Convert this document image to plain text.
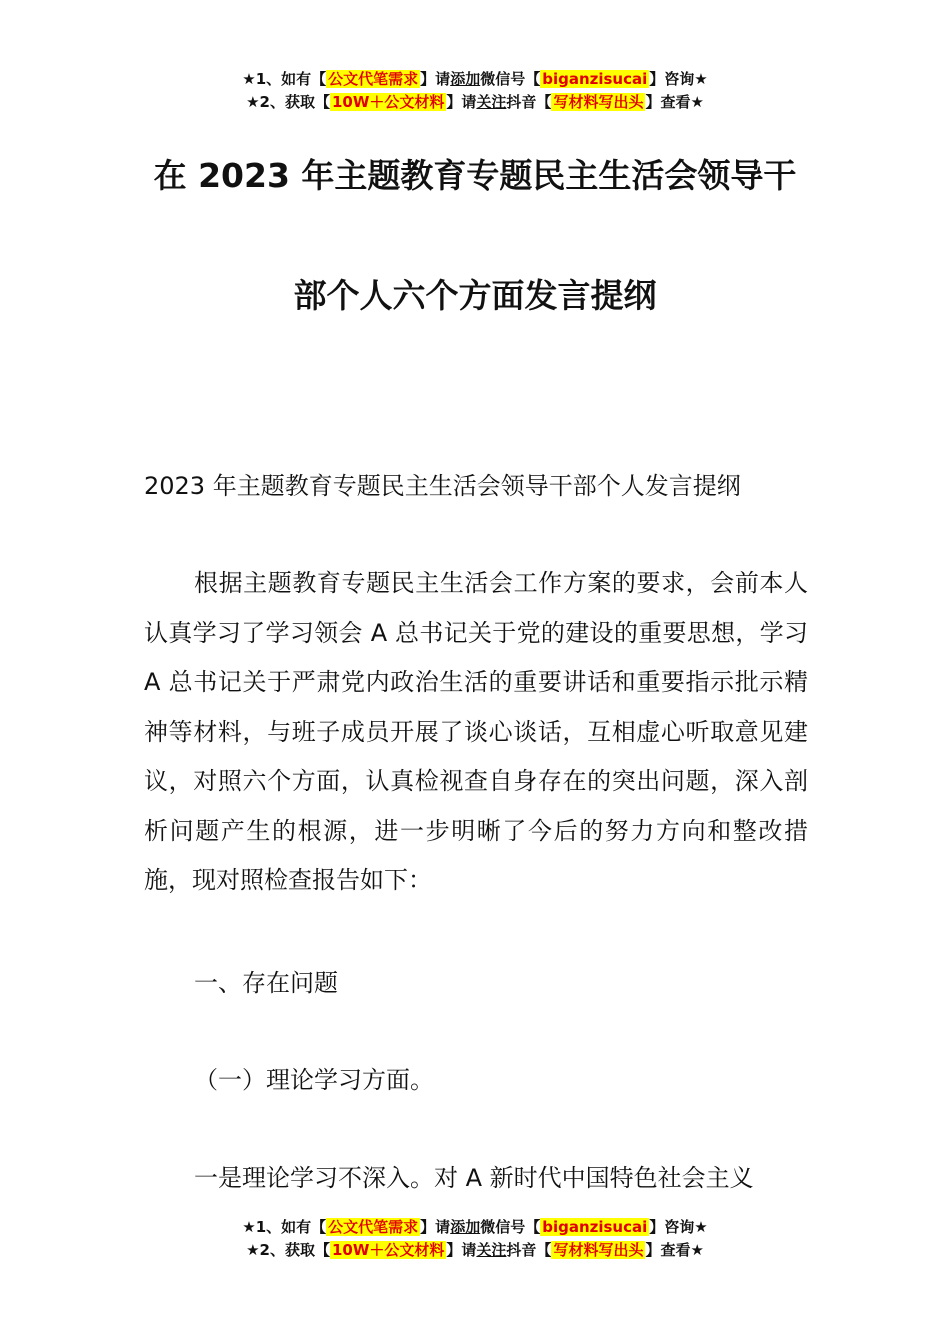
★1、如有【 公文代笔需求 】请添加微信号【 biganzisucai 】咨询★
★2、获取【 10W＋公文材料 】请关注抖音【 写材料写出头 】查看★
在 2023 年主题教育专题民主生活会领导干
部个人六个方面发言提纲
2023 年主题教育专题民主生活会领导干部个人发言提纲
根据主题教育专题民主生活会工作方案的要求，会前本人认真学习了学习领会 A 总书记关于党的建设的重要思想，学习 A 总书记关于严肃党内政治生活的重要讲话和重要指示批示精神等材料，与班子成员开展了谈心谈话，互相虚心听取意见建议，对照六个方面，认真检视查自身存在的突出问题，深入剖析问题产生的根源，进一步明晰了今后的努力方向和整改措施，现对照检查报告如下：
一、存在问题
（一）理论学习方面。
一是理论学习不深入。对 A 新时代中国特色社会主义
★1、如有【 公文代笔需求 】请添加微信号【 biganzisucai 】咨询★
★2、获取【 10W＋公文材料 】请关注抖音【 写材料写出头 】查看★
